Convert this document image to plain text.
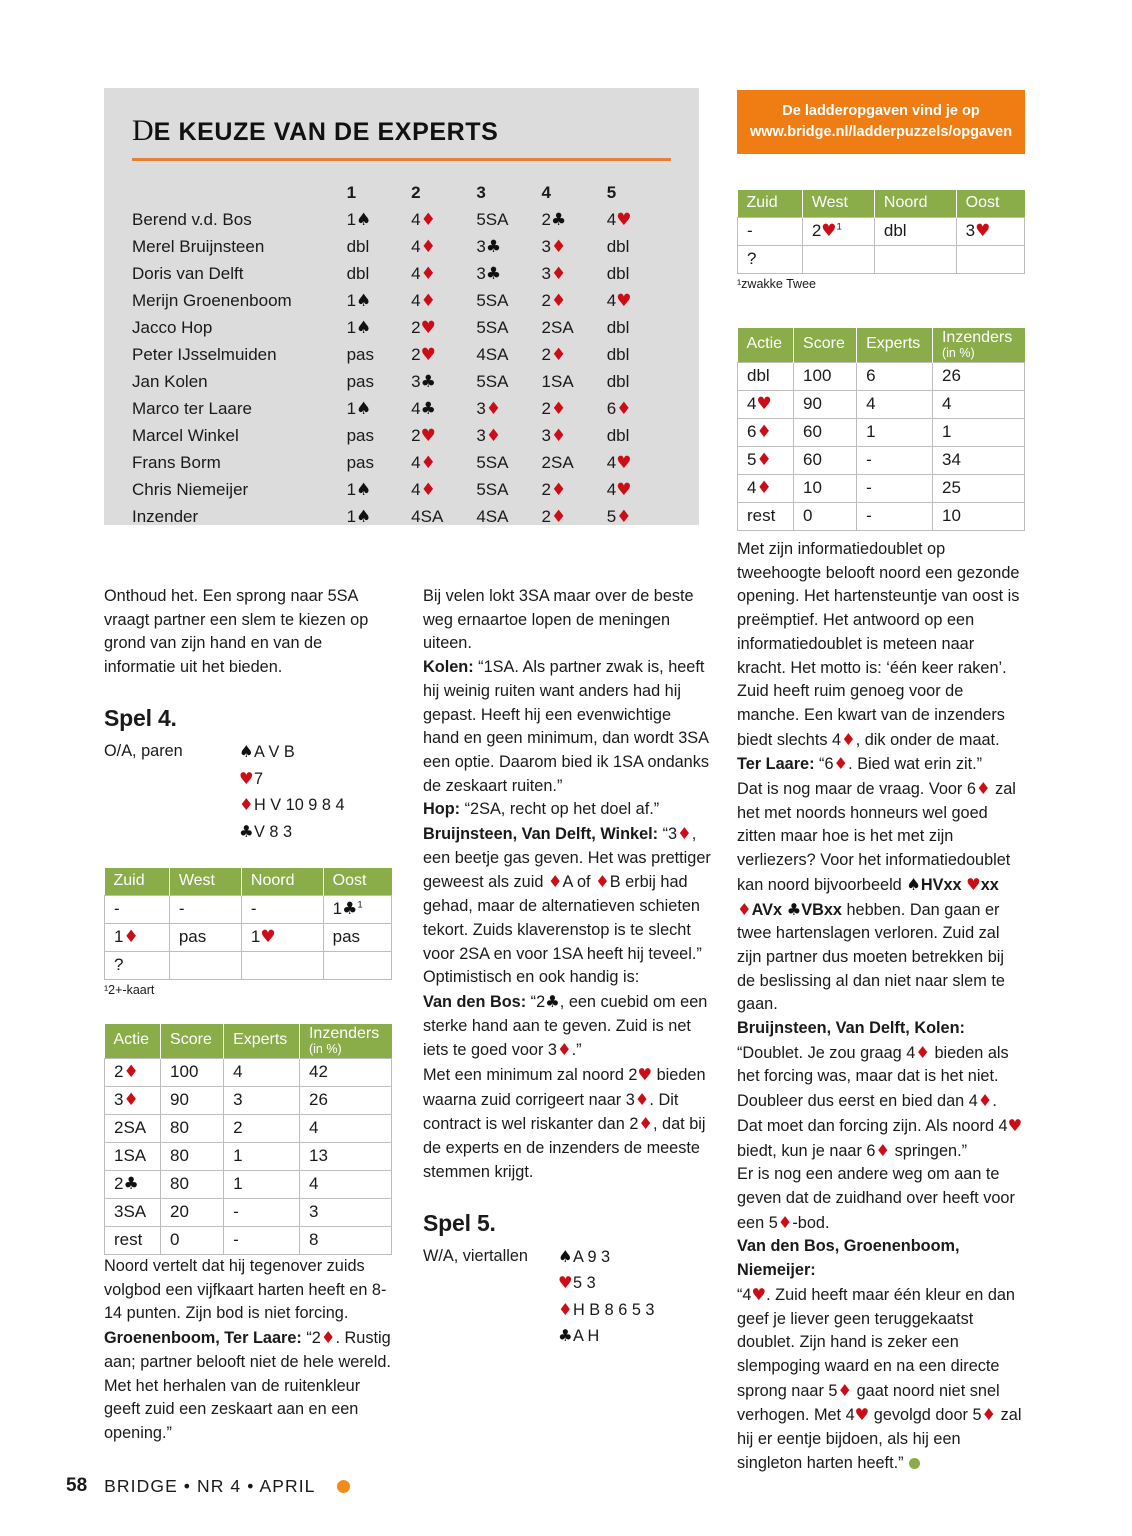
DE KEUZE VAN DE EXPERTS
	1	2	3	4	5
Berend v.d. Bos	1♠	4♦	5SA	2♣	4♥
Merel Bruijnsteen	dbl	4♦	3♣	3♦	dbl
Doris van Delft	dbl	4♦	3♣	3♦	dbl
Merijn Groenenboom	1♠	4♦	5SA	2♦	4♥
Jacco Hop	1♠	2♥	5SA	2SA	dbl
Peter IJsselmuiden	pas	2♥	4SA	2♦	dbl
Jan Kolen	pas	3♣	5SA	1SA	dbl
Marco ter Laare	1♠	4♣	3♦	2♦	6♦
Marcel Winkel	pas	2♥	3♦	3♦	dbl
Frans Borm	pas	4♦	5SA	2SA	4♥
Chris Niemeijer	1♠	4♦	5SA	2♦	4♥
Inzender	1♠	4SA	4SA	2♦	5♦
De ladderopgaven vind je op
www.bridge.nl/ladderpuzzels/opgaven
Zuid	West	Noord	Oost
-	2♥$^1$	dbl	3♥
?			
¹zwakke Twee
Actie	Score	Experts	Inzenders
(in %)

dbl	100	6	26
4♥	90	4	4
6♦	60	1	1
5♦	60	-	34
4♦	10	-	25
rest	0	-	10
Zuid	West	Noord	Oost
-	-	-	1♣$^1$
1♦	pas	1♥	pas
?			
¹2+-kaart
Actie	Score	Experts	Inzenders
(in %)

2♦	100	4	42
3♦	90	3	26
2SA	80	2	4
1SA	80	1	13
2♣	80	1	4
3SA	20	-	3
rest	0	-	8

Onthoud het. Een sprong naar 5SA vraagt partner een slem te kiezen op grond van zijn hand en van de informatie uit het bieden.

Spel 4.
O/A, paren	♠A V B
♥7
♦H V 10 9 8 4
♣V 8 3

Noord vertelt dat hij tegenover zuids volgbod een vijfkaart harten heeft en 8-14 punten. Zijn bod is niet forcing. Groenenboom, Ter Laare: “2♦. Rustig aan; partner belooft niet de hele wereld. Met het herhalen van de ruitenkleur geeft zuid een zeskaart aan en een opening.”

Bij velen lokt 3SA maar over de beste weg ernaartoe lopen de meningen uiteen.

Kolen: “1SA. Als partner zwak is, heeft hij weinig ruiten want anders had hij gepast. Heeft hij een evenwichtige hand en geen minimum, dan wordt 3SA een optie. Daarom bied ik 1SA ondanks de zeskaart ruiten.”

Hop: “2SA, recht op het doel af.”

Bruijnsteen, Van Delft, Winkel: “3♦, een beetje gas geven. Het was prettiger geweest als zuid ♦A of ♦B erbij had gehad, maar de alternatieven schieten tekort. Zuids klaverenstop is te slecht voor 2SA en voor 1SA heeft hij teveel.” Optimistisch en ook handig is:

Van den Bos: “2♣, een cuebid om een sterke hand aan te geven. Zuid is net iets te goed voor 3♦.”

Met een minimum zal noord 2♥ bieden waarna zuid corrigeert naar 3♦. Dit contract is wel riskanter dan 2♦, dat bij de experts en de inzenders de meeste stemmen krijgt.

Spel 5.
W/A, viertallen	♠A 9 3
♥5 3
♦H B 8 6 5 3
♣A H

Met zijn informatiedoublet op tweehoogte belooft noord een gezonde opening. Het hartensteuntje van oost is preëmptief. Het antwoord op een informatiedoublet is meteen naar kracht. Het motto is: ‘één keer raken’. Zuid heeft ruim genoeg voor de manche. Een kwart van de inzenders biedt slechts 4♦, dik onder de maat.

Ter Laare: “6♦. Bied wat erin zit.”

Dat is nog maar de vraag. Voor 6♦ zal het met noords honneurs wel goed zitten maar hoe is het met zijn verliezers? Voor het informatiedoublet kan noord bijvoorbeeld ♠HVxx ♥xx ♦AVx ♣VBxx hebben. Dan gaan er twee hartenslagen verloren. Zuid zal zijn partner dus moeten betrekken bij de beslissing al dan niet naar slem te gaan.

Bruijnsteen, Van Delft, Kolen: “Doublet. Je zou graag 4♦ bieden als het forcing was, maar dat is het niet. Doubleer dus eerst en bied dan 4♦. Dat moet dan forcing zijn. Als noord 4♥ biedt, kun je naar 6♦ springen.”

Er is nog een andere weg om aan te geven dat de zuidhand over heeft voor een 5♦-bod.

Van den Bos, Groenenboom, Niemeijer:
“4♥. Zuid heeft maar één kleur en dan geef je liever geen teruggekaatst doublet. Zijn hand is zeker een slempoging waard en na een directe sprong naar 5♦ gaat noord niet snel verhogen. Met 4♥ gevolgd door 5♦ zal hij er eentje bijdoen, als hij een singleton harten heeft.”

58 BRIDGE • NR 4 • APRIL
